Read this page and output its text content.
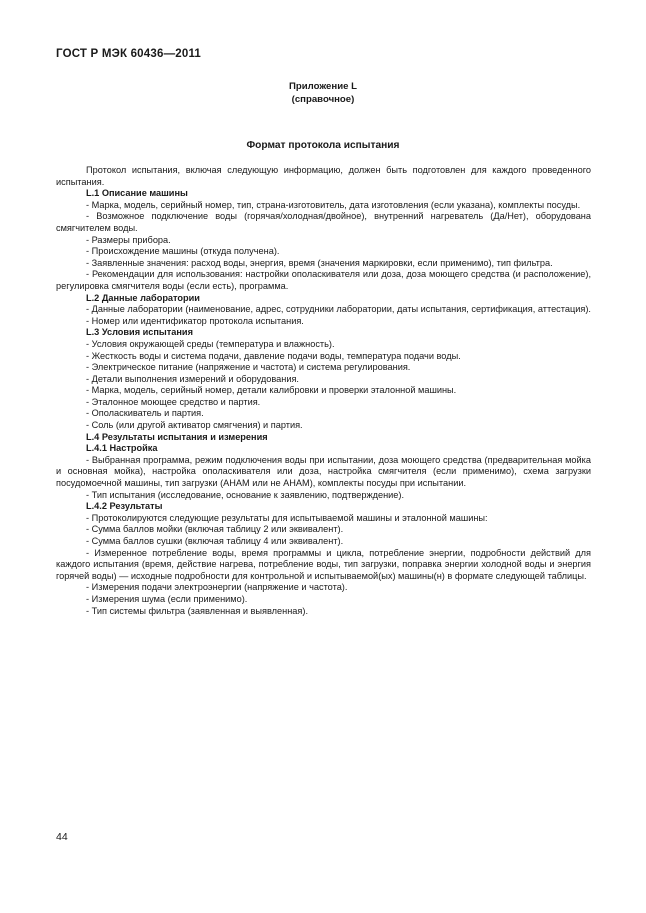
ГОСТ Р МЭК 60436—2011
Приложение L
(справочное)
Формат протокола испытания

Протокол испытания, включая следующую информацию, должен быть подготовлен для каждого проведенного испытания.

L.1 Описание машины

- Марка, модель, серийный номер, тип, страна-изготовитель, дата изготовления (если указана), комплекты посуды.

- Возможное подключение воды (горячая/холодная/двойное), внутренний нагреватель (Да/Нет), оборудована смягчителем воды.

- Размеры прибора.

- Происхождение машины (откуда получена).

- Заявленные значения: расход воды, энергия, время (значения маркировки, если применимо), тип фильтра.

- Рекомендации для использования: настройки ополаскивателя или доза, доза моющего средства (и расположение), регулировка смягчителя воды (если есть), программа.

L.2 Данные лаборатории

- Данные лаборатории (наименование, адрес, сотрудники лаборатории, даты испытания, сертификация, аттестация).

- Номер или идентификатор протокола испытания.

L.3 Условия испытания

- Условия окружающей среды (температура и влажность).

- Жесткость воды и система подачи, давление подачи воды, температура подачи воды.

- Электрическое питание (напряжение и частота) и система регулирования.

- Детали выполнения измерений и оборудования.

- Марка, модель, серийный номер, детали калибровки и проверки эталонной машины.

- Эталонное моющее средство и партия.

- Ополаскиватель и партия.

- Соль (или другой активатор смягчения) и партия.

L.4 Результаты испытания и измерения

L.4.1 Настройка

- Выбранная программа, режим подключения воды при испытании, доза моющего средства (предварительная мойка и основная мойка), настройка ополаскивателя или доза, настройка смягчителя (если применимо), схема загрузки посудомоечной машины, тип загрузки (АНАМ или не АНАМ), комплекты посуды при испытании.

- Тип испытания (исследование, основание к заявлению, подтверждение).

L.4.2 Результаты

- Протоколируются следующие результаты для испытываемой машины и эталонной машины:

- Сумма баллов мойки (включая таблицу 2 или эквивалент).

- Сумма баллов сушки (включая таблицу 4 или эквивалент).

- Измеренное потребление воды, время программы и цикла, потребление энергии, подробности действий для каждого испытания (время, действие нагрева, потребление воды, тип загрузки, поправка энергии холодной воды и энергия горячей воды) — исходные подробности для контрольной и испытываемой(ых) машины(н) в формате следующей таблицы.

- Измерения подачи электроэнергии (напряжение и частота).

- Измерения шума (если применимо).

- Тип системы фильтра (заявленная и выявленная).

44
